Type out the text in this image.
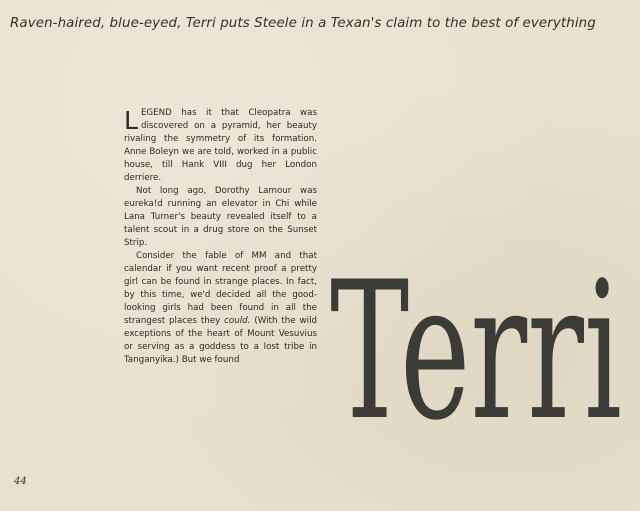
Raven-haired, blue-eyed, Terri puts Steele in a Texan's claim to the best of everything

LEGEND has it that Cleopatra was discovered on a pyramid, her beauty rivaling the symmetry of its formation. Anne Boleyn we are told, worked in a public house, till Hank VIII dug her London derriere.

Not long ago, Dorothy Lamour was eureka!d running an elevator in Chi while Lana Turner's beauty revealed itself to a talent scout in a drug store on the Sunset Strip.

Consider the fable of MM and that calendar if you want recent proof a pretty girl can be found in strange places. In fact, by this time, we'd decided all the good-looking girls had been found in all the strangest places they could. (With the wild exceptions of the heart of Mount Vesuvius or serving as a goddess to a lost tribe in Tanganyika.) But we found Terri
44
